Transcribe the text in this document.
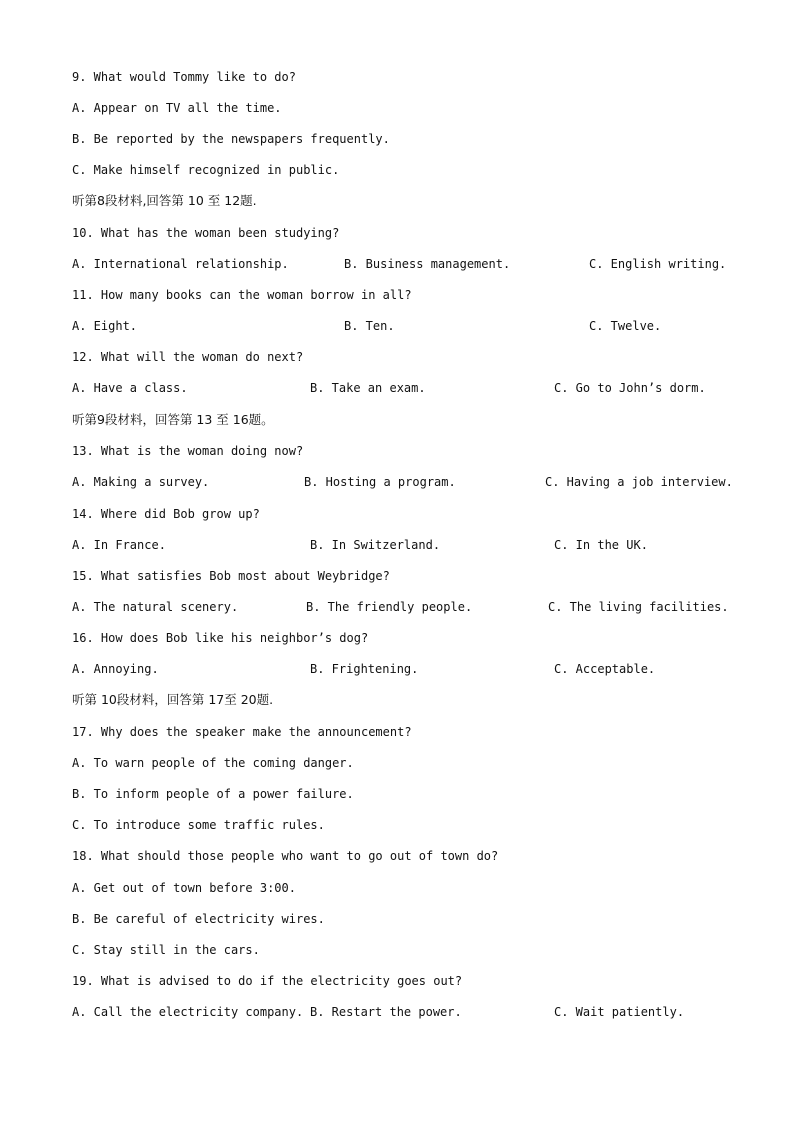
9. What would Tommy like to do?
A. Appear on TV all the time.
B. Be reported by the newspapers frequently.
C. Make himself recognized in public.
听第8段材料,回答第 10 至 12题.
10. What has the woman been studying?
A. International relationship.	B. Business management.	C. English writing.
11. How many books can the woman borrow in all?
A. Eight.	B. Ten.	C. Twelve.
12. What will the woman do next?
A. Have a class.	B. Take an exam.	C. Go to John’s dorm.
听第9段材料，回答第 13 至 16题。
13. What is the woman doing now?
A. Making a survey.	B. Hosting a program.	C. Having a job interview.
14. Where did Bob grow up?
A. In France.	B. In Switzerland.	C. In the UK.
15. What satisfies Bob most about Weybridge?
A. The natural scenery.	B. The friendly people.	C. The living facilities.
16. How does Bob like his neighbor’s dog?
A. Annoying.	B. Frightening.	C. Acceptable.
听第 10段材料，回答第 17至 20题.
17. Why does the speaker make the announcement?
A. To warn people of the coming danger.
B. To inform people of a power failure.
C. To introduce some traffic rules.
18. What should those people who want to go out of town do?
A. Get out of town before 3:00.
B. Be careful of electricity wires.
C. Stay still in the cars.
19. What is advised to do if the electricity goes out?
A. Call the electricity company. B. Restart the power.	C. Wait patiently.
